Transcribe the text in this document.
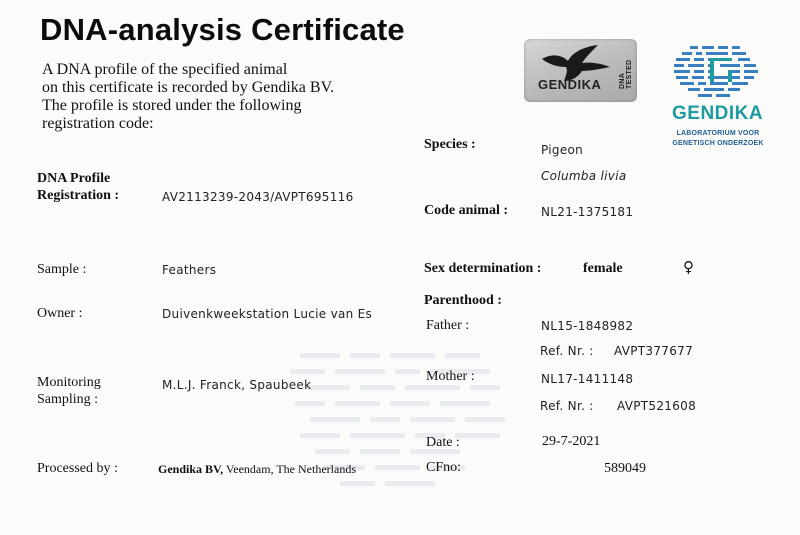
DNA-analysis Certificate
A DNA profile of the specified animal
on this certificate is recorded by Gendika BV.
The profile is stored under the following
registration code:
GENDIKA	DNA TESTED
GENDIKA
LABORATORIUM VOOR
GENETISCH ONDERZOEK
DNA Profile
Registration :	AV2113239-2043/AVPT695116
Sample :	Feathers
Owner :	Duivenkweekstation Lucie van Es
Monitoring
Sampling :
M.L.J. Franck, Spaubeek
Processed by :	Gendika BV, Veendam, The Netherlands
Species :	Pigeon
Columba livia
Code animal :	NL21-1375181
Sex determination :	female	♀
Parenthood :
Father :	NL15-1848982
Ref. Nr. : AVPT377677
Mother :	NL17-1411148
Ref. Nr. : AVPT521608
Date :	29-7-2021
CFno:	589049
